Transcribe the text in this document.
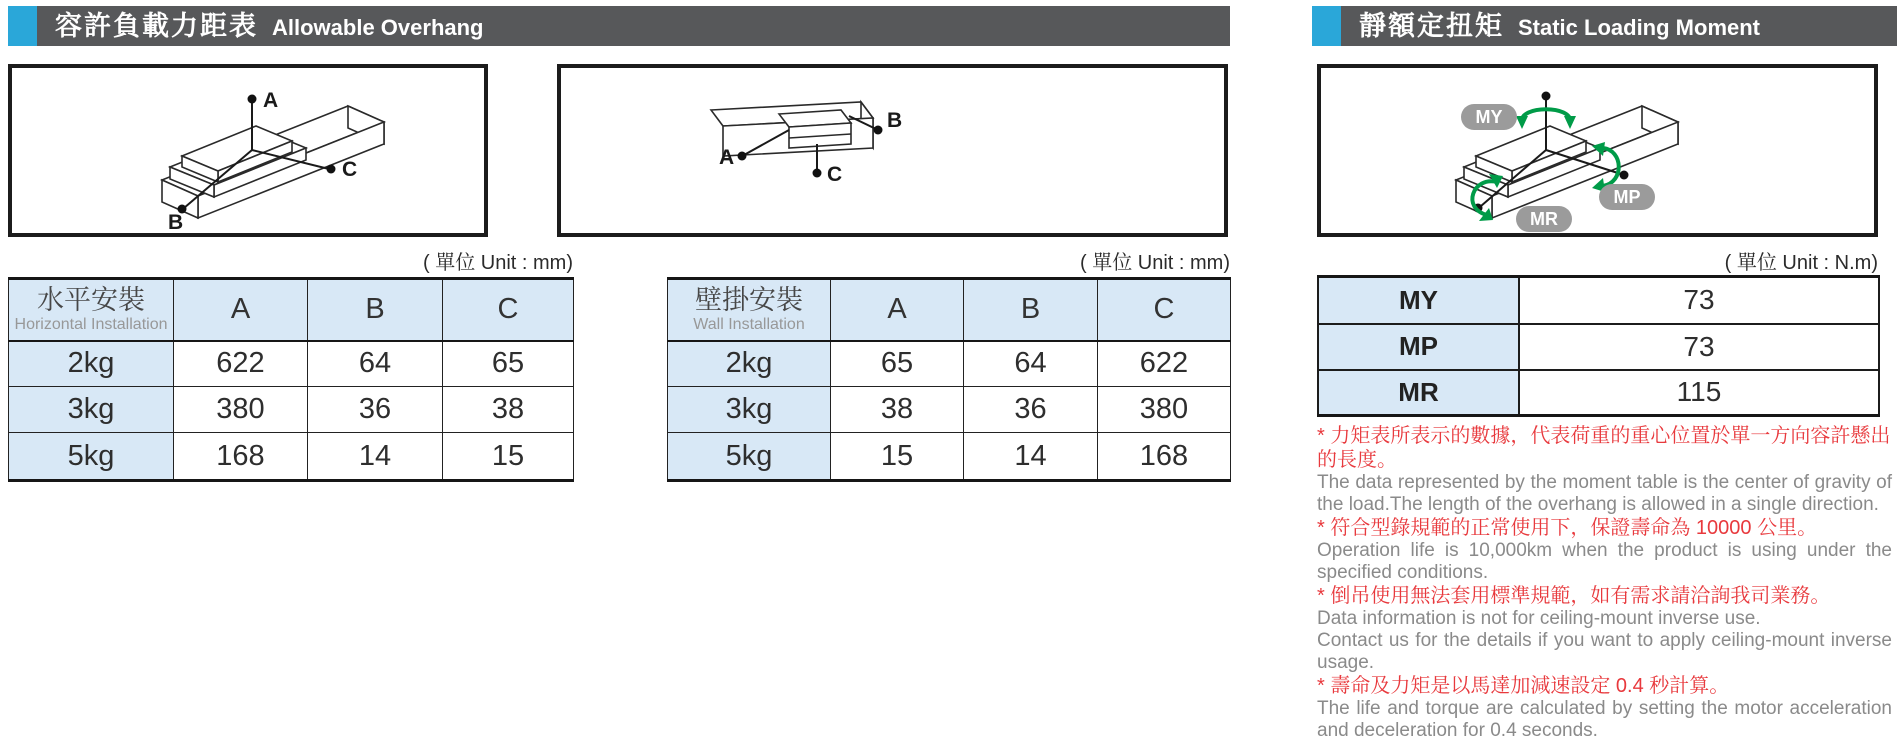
容許負載力距表 Allowable Overhang	靜額定扭矩 Static Loading Moment
A
B
C
A
B
C
MY
MP
MR
( 單位 Unit : mm)	( 單位 Unit : mm)	( 單位 Unit : N.m)
水平安裝
Horizontal Installation	A	B	C
2kg	622	64	65
3kg	380	36	38
5kg	168	14	15
壁掛安裝
Wall Installation	A	B	C
2kg	65	64	622
3kg	38	36	380
5kg	15	14	168
MY	73
MP	73
MR	115

* 力矩表所表示的數據，代表荷重的重心位置於單一方向容許懸出的長度。

The data represented by the moment table is the center of gravity of the load.The length of the overhang is allowed in a single direction.

* 符合型錄規範的正常使用下，保證壽命為 10000 公里。

Operation life is 10,000km when the product is using under the specified conditions.

* 倒吊使用無法套用標準規範，如有需求請洽詢我司業務。

Data information is not for ceiling-mount inverse use.

Contact us for the details if you want to apply ceiling-mount inverse usage.

* 壽命及力矩是以馬達加減速設定 0.4 秒計算。

The life and torque are calculated by setting the motor acceleration and deceleration for 0.4 seconds.
